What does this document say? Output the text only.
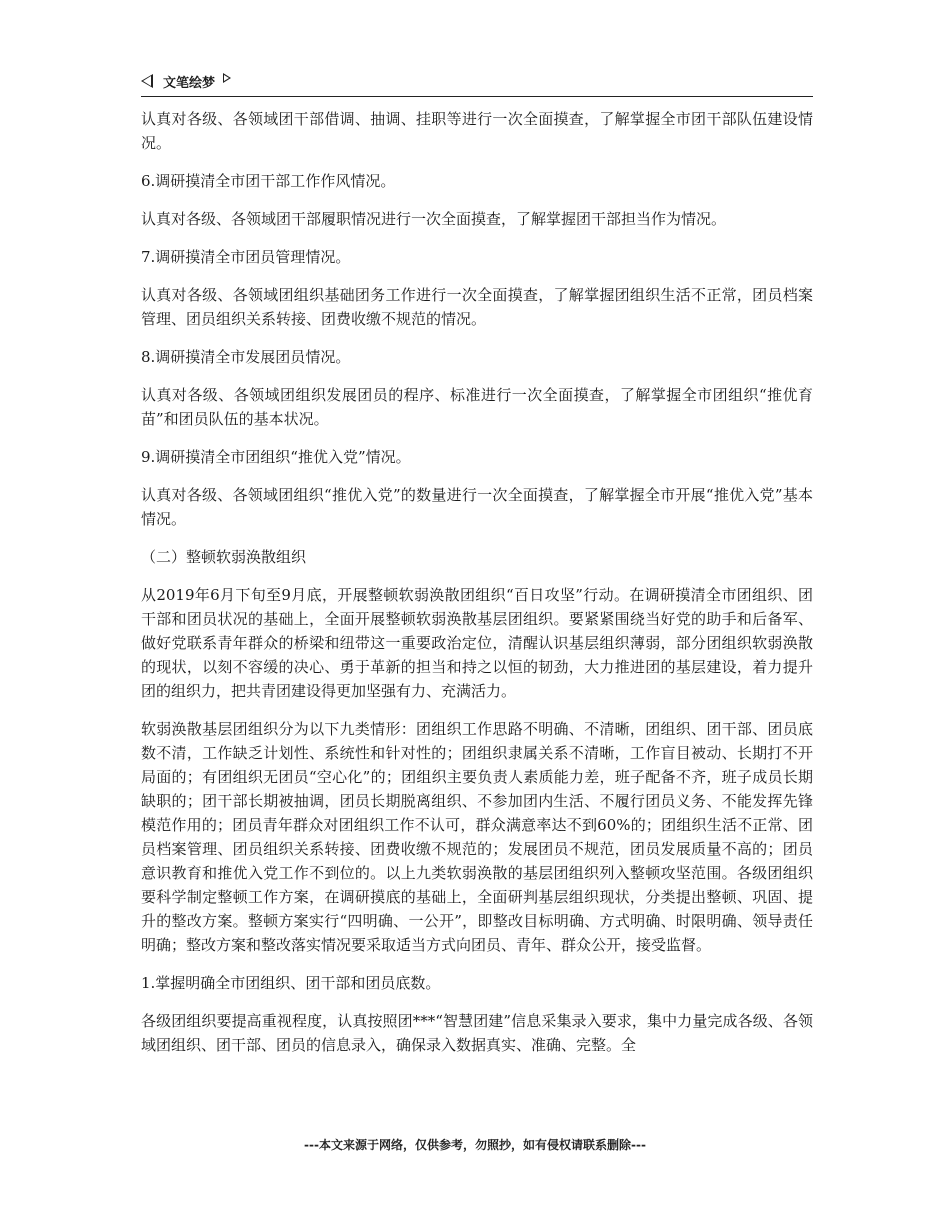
文笔绘梦

认真对各级、各领域团干部借调、抽调、挂职等进行一次全面摸查，了解掌握全市团干部队伍建设情况。

6.调研摸清全市团干部工作作风情况。

认真对各级、各领域团干部履职情况进行一次全面摸查，了解掌握团干部担当作为情况。

7.调研摸清全市团员管理情况。

认真对各级、各领域团组织基础团务工作进行一次全面摸查，了解掌握团组织生活不正常，团员档案管理、团员组织关系转接、团费收缴不规范的情况。

8.调研摸清全市发展团员情况。

认真对各级、各领域团组织发展团员的程序、标准进行一次全面摸查，了解掌握全市团组织“推优育苗”和团员队伍的基本状况。

9.调研摸清全市团组织“推优入党”情况。

认真对各级、各领域团组织“推优入党”的数量进行一次全面摸查，了解掌握全市开展“推优入党”基本情况。

（二）整顿软弱涣散组织

从2019年6月下旬至9月底，开展整顿软弱涣散团组织“百日攻坚”行动。在调研摸清全市团组织、团干部和团员状况的基础上，全面开展整顿软弱涣散基层团组织。要紧紧围绕当好党的助手和后备军、做好党联系青年群众的桥梁和纽带这一重要政治定位，清醒认识基层组织薄弱，部分团组织软弱涣散的现状，以刻不容缓的决心、勇于革新的担当和持之以恒的韧劲，大力推进团的基层建设，着力提升团的组织力，把共青团建设得更加坚强有力、充满活力。

软弱涣散基层团组织分为以下九类情形：团组织工作思路不明确、不清晰，团组织、团干部、团员底数不清，工作缺乏计划性、系统性和针对性的；团组织隶属关系不清晰，工作盲目被动、长期打不开局面的；有团组织无团员“空心化”的；团组织主要负责人素质能力差，班子配备不齐，班子成员长期缺职的；团干部长期被抽调，团员长期脱离组织、不参加团内生活、不履行团员义务、不能发挥先锋模范作用的；团员青年群众对团组织工作不认可，群众满意率达不到60%的；团组织生活不正常、团员档案管理、团员组织关系转接、团费收缴不规范的；发展团员不规范，团员发展质量不高的；团员意识教育和推优入党工作不到位的。以上九类软弱涣散的基层团组织列入整顿攻坚范围。各级团组织要科学制定整顿工作方案，在调研摸底的基础上，全面研判基层组织现状，分类提出整顿、巩固、提升的整改方案。整顿方案实行“四明确、一公开”，即整改目标明确、方式明确、时限明确、领导责任明确；整改方案和整改落实情况要采取适当方式向团员、青年、群众公开，接受监督。

1.掌握明确全市团组织、团干部和团员底数。

各级团组织要提高重视程度，认真按照团***“智慧团建”信息采集录入要求，集中力量完成各级、各领域团组织、团干部、团员的信息录入，确保录入数据真实、准确、完整。全

---本文来源于网络，仅供参考，勿照抄，如有侵权请联系删除---
